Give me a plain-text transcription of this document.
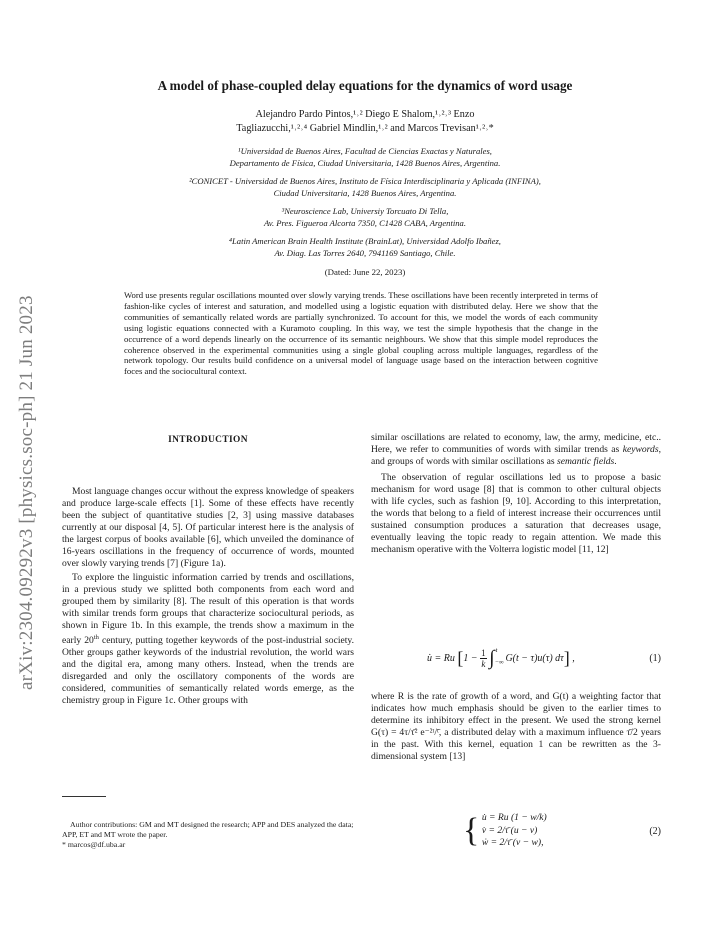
arXiv:2304.09292v3 [physics.soc-ph] 21 Jun 2023
A model of phase-coupled delay equations for the dynamics of word usage
Alejandro Pardo Pintos,¹˒² Diego E Shalom,¹˒²˒³ Enzo
Tagliazucchi,¹˒²˒⁴ Gabriel Mindlin,¹˒² and Marcos Trevisan¹˒²˒*
¹Universidad de Buenos Aires, Facultad de Ciencias Exactas y Naturales,
Departamento de Física, Ciudad Universitaria, 1428 Buenos Aires, Argentina.
²CONICET - Universidad de Buenos Aires, Instituto de Física Interdisciplinaria y Aplicada (INFINA),
Ciudad Universitaria, 1428 Buenos Aires, Argentina.
³Neuroscience Lab, Universiy Torcuato Di Tella,
Av. Pres. Figueroa Alcorta 7350, C1428 CABA, Argentina.
⁴Latin American Brain Health Institute (BrainLat), Universidad Adolfo Ibañez,
Av. Diag. Las Torres 2640, 7941169 Santiago, Chile.
(Dated: June 22, 2023)
Word use presents regular oscillations mounted over slowly varying trends. These oscillations have been recently interpreted in terms of fashion-like cycles of interest and saturation, and modelled using a logistic equation with distributed delay. Here we show that the communities of semantically related words are partially synchronized. To account for this, we model the words of each community using logistic equations connected with a Kuramoto coupling. In this way, we test the simple hypothesis that the change in the occurrence of a word depends linearly on the occurrence of its semantic neighbours. We show that this simple model reproduces the coherence observed in the experimental communities using a single global coupling across multiple languages, regardless of the network topology. Our results build confidence on a universal model of language usage based on the interaction between cognitive foces and the sociocultural context.
INTRODUCTION

Most language changes occur without the express knowledge of speakers and produce large-scale effects [1]. Some of these effects have recently been the subject of quantitative studies [2, 3] using massive databases currently at our disposal [4, 5]. Of particular interest here is the analysis of the largest corpus of books available [6], which unveiled the dominance of 16-years oscillations in the frequency of occurrence of words, mounted over slowly varying trends [7] (Figure 1a).

To explore the linguistic information carried by trends and oscillations, in a previous study we splitted both components from each word and grouped them by similarity [8]. The result of this operation is that words with similar trends form groups that characterize sociocultural periods, as shown in Figure 1b. In this example, the trends show a maximum in the early 20th century, putting together keywords of the post-industrial society. Other groups gather keywords of the industrial revolution, the world wars and the digital era, among many others. Instead, when the trends are disregarded and only the oscillatory components of the words are considered, communities of semantically related words emerge, as the chemistry group in Figure 1c. Other groups with

similar oscillations are related to economy, law, the army, medicine, etc.. Here, we refer to communities of words with similar trends as keywords, and groups of words with similar oscillations as semantic fields.

The observation of regular oscillations led us to propose a basic mechanism for word usage [8] that is common to other cultural objects with life cycles, such as fashion [9, 10]. According to this interpretation, the words that belong to a field of interest increase their occurrences until sustained consumption produces a saturation that decreases usage, eventually leaving the topic ready to regain attention. We made this mechanism operative with the Volterra logistic model [11, 12]

u̇ = Ru [$1 - \frac{1}{k} \int_{-\infty}^tG(t - \tau)u(\tau)$ dτ] ,	(1)

where R is the rate of growth of a word, and G(t) a weighting factor that indicates how much emphasis should be given to the earlier times to determine its inhibitory effect in the present. We used the strong kernel G(τ) = 4τ/τ̄² e⁻²ᵗ/ᵗ̄, a distributed delay with a maximum influence τ̄/2 years in the past. With this kernel, equation 1 can be rewritten as the 3-dimensional system [13]

{ u̇ = Ru (1 − w/k)
v̇ = 2/τ̄ (u − v)
ẇ = 2/τ̄ (v − w),
(2)

Author contributions: GM and MT designed the research; APP and DES analyzed the data; APP, ET and MT wrote the paper.

* marcos@df.uba.ar
